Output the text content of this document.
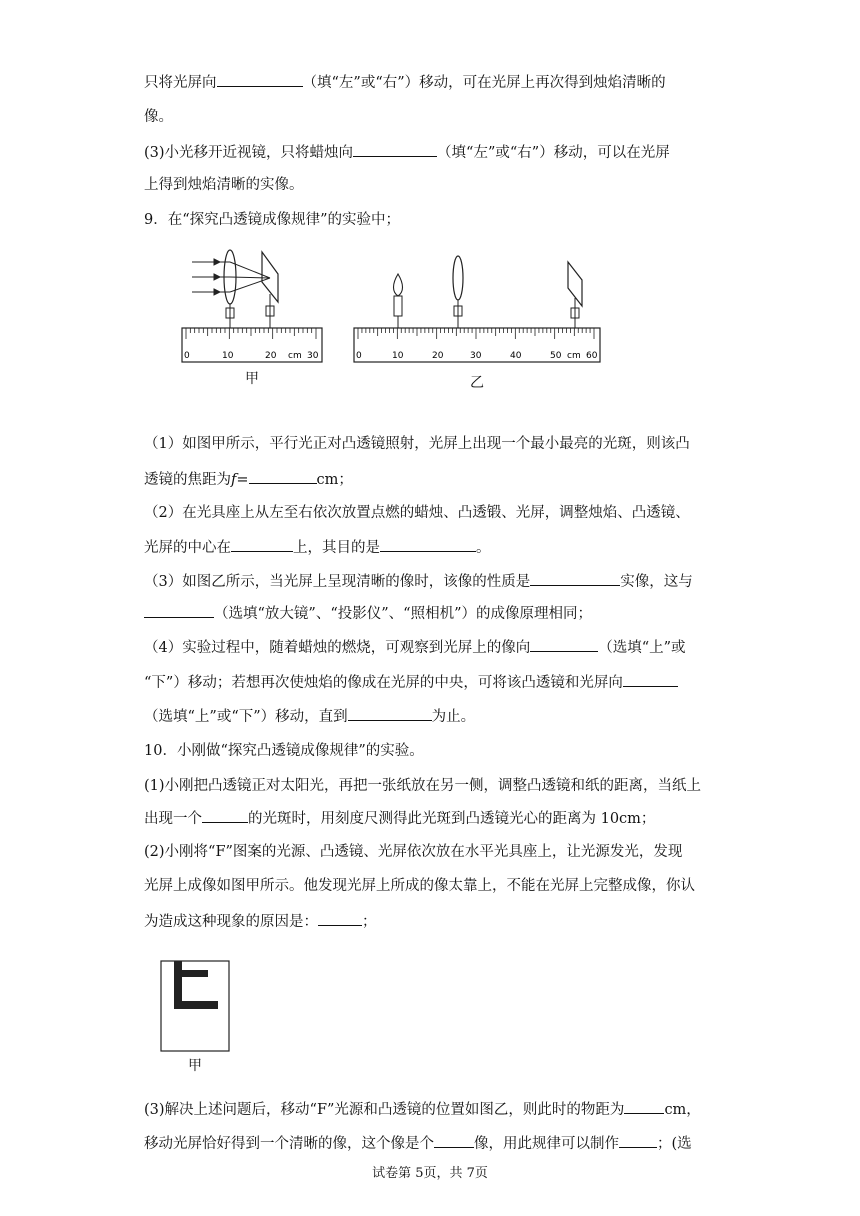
只将光屏向	（填“左”或“右”）移动，可在光屏上再次得到烛焰清晰的
像。
(3)小光移开近视镜，只将蜡烛向	（填“左”或“右”）移动，可以在光屏
上得到烛焰清晰的实像。
9．在“探究凸透镜成像规律”的实验中；
0	10	20 cm 30	0	10	20	30	40	50 cm 60
甲	乙
（1）如图甲所示，平行光正对凸透镜照射，光屏上出现一个最小最亮的光斑，则该凸
透镜的焦距为f=	cm；
（2）在光具座上从左至右依次放置点燃的蜡烛、凸透锻、光屏，调整烛焰、凸透镜、
光屏的中心在	上，其目的是	。
（3）如图乙所示，当光屏上呈现清晰的像时，该像的性质是	实像，这与
（选填“放大镜”、“投影仪”、“照相机”）的成像原理相同；
（4）实验过程中，随着蜡烛的燃烧，可观察到光屏上的像向	（选填“上”或
“下”）移动；若想再次使烛焰的像成在光屏的中央，可将该凸透镜和光屏向
（选填“上”或“下”）移动，直到	为止。
10．小刚做“探究凸透镜成像规律”的实验。
(1)小刚把凸透镜正对太阳光，再把一张纸放在另一侧，调整凸透镜和纸的距离，当纸上
出现一个	的光斑时，用刻度尺测得此光斑到凸透镜光心的距离为 10cm；
(2)小刚将“F”图案的光源、凸透镜、光屏依次放在水平光具座上，让光源发光，发现
光屏上成像如图甲所示。他发现光屏上所成的像太靠上，不能在光屏上完整成像，你认
为造成这种现象的原因是：	；
甲
(3)解决上述问题后，移动“F”光源和凸透镜的位置如图乙，则此时的物距为	cm，
移动光屏恰好得到一个清晰的像，这个像是个	像，用此规律可以制作	；(选
试卷第 5页，共 7页
